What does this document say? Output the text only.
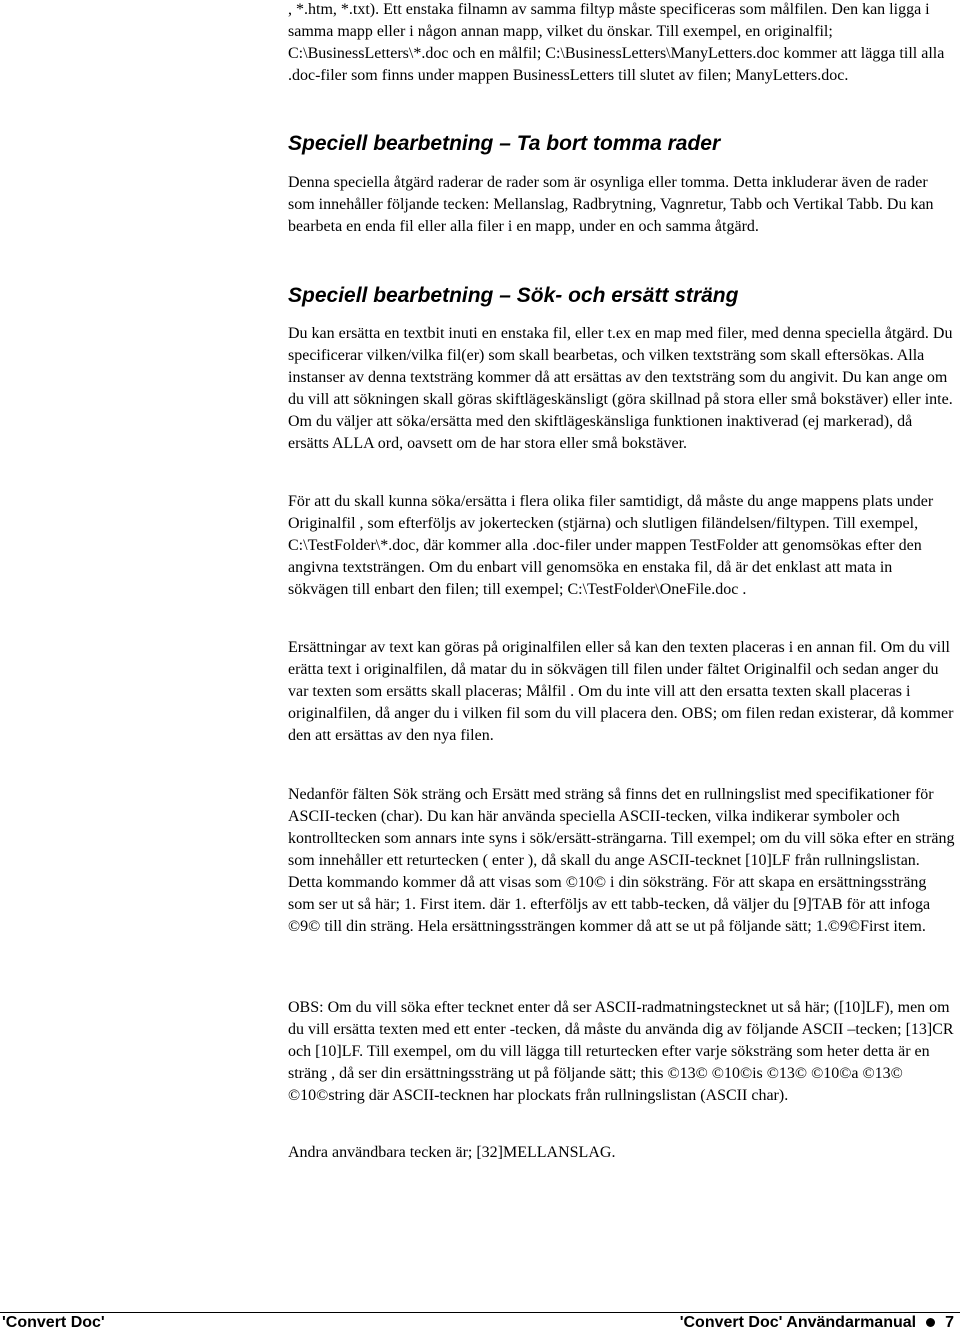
, *.htm, *.txt). Ett enstaka filnamn av samma filtyp måste specificeras som målfilen. Den kan ligga i samma mapp eller i någon annan mapp, vilket du önskar. Till exempel, en originalfil; C:\BusinessLetters\*.doc och en målfil; C:\BusinessLetters\ManyLetters.doc kommer att lägga till alla .doc-filer som finns under mappen BusinessLetters till slutet av filen; ManyLetters.doc.

Speciell bearbetning – Ta bort tomma rader

Denna speciella åtgärd raderar de rader som är osynliga eller tomma. Detta inkluderar även de rader som innehåller följande tecken: Mellanslag, Radbrytning, Vagnretur, Tabb och Vertikal Tabb. Du kan bearbeta en enda fil eller alla filer i en mapp, under en och samma åtgärd.

Speciell bearbetning – Sök- och ersätt sträng

Du kan ersätta en textbit inuti en enstaka fil, eller t.ex en map med filer, med denna speciella åtgärd. Du specificerar vilken/vilka fil(er) som skall bearbetas, och vilken textsträng som skall eftersökas. Alla instanser av denna textsträng kommer då att ersättas av den textsträng som du angivit. Du kan ange om du vill att sökningen skall göras skiftlägeskänsligt (göra skillnad på stora eller små bokstäver) eller inte. Om du väljer att söka/ersätta med den skiftlägeskänsliga funktionen inaktiverad (ej markerad), då ersätts ALLA ord, oavsett om de har stora eller små bokstäver.

För att du skall kunna söka/ersätta i flera olika filer samtidigt, då måste du ange mappens plats under Originalfil , som efterföljs av jokertecken (stjärna) och slutligen filändelsen/filtypen. Till exempel, C:\TestFolder\*.doc, där kommer alla .doc-filer under mappen TestFolder att genomsökas efter den angivna textsträngen. Om du enbart vill genomsöka en enstaka fil, då är det enklast att mata in sökvägen till enbart den filen; till exempel; C:\TestFolder\OneFile.doc .

Ersättningar av text kan göras på originalfilen eller så kan den texten placeras i en annan fil. Om du vill erätta text i originalfilen, då matar du in sökvägen till filen under fältet Originalfil och sedan anger du var texten som ersätts skall placeras; Målfil . Om du inte vill att den ersatta texten skall placeras i originalfilen, då anger du i vilken fil som du vill placera den. OBS; om filen redan existerar, då kommer den att ersättas av den nya filen.

Nedanför fälten Sök sträng och Ersätt med sträng så finns det en rullningslist med specifikationer för ASCII-tecken (char). Du kan här använda speciella ASCII-tecken, vilka indikerar symboler och kontrolltecken som annars inte syns i sök/ersätt-strängarna. Till exempel; om du vill söka efter en sträng som innehåller ett returtecken ( enter ), då skall du ange ASCII-tecknet [10]LF från rullningslistan. Detta kommando kommer då att visas som ©10© i din söksträng. För att skapa en ersättningssträng som ser ut så här; 1. First item. där 1. efterföljs av ett tabb-tecken, då väljer du [9]TAB för att infoga ©9© till din sträng. Hela ersättningssträngen kommer då att se ut på följande sätt; 1.©9©First item.

OBS: Om du vill söka efter tecknet enter då ser ASCII-radmatningstecknet ut så här; ([10]LF), men om du vill ersätta texten med ett enter -tecken, då måste du använda dig av följande ASCII –tecken; [13]CR och [10]LF. Till exempel, om du vill lägga till returtecken efter varje söksträng som heter detta är en sträng , då ser din ersättningssträng ut på följande sätt; this ©13© ©10©is ©13© ©10©a ©13© ©10©string där ASCII-tecknen har plockats från rullningslistan (ASCII char).

Andra användbara tecken är; [32]MELLANSLAG.

'Convert Doc'	'Convert Doc' Användarmanual 7
